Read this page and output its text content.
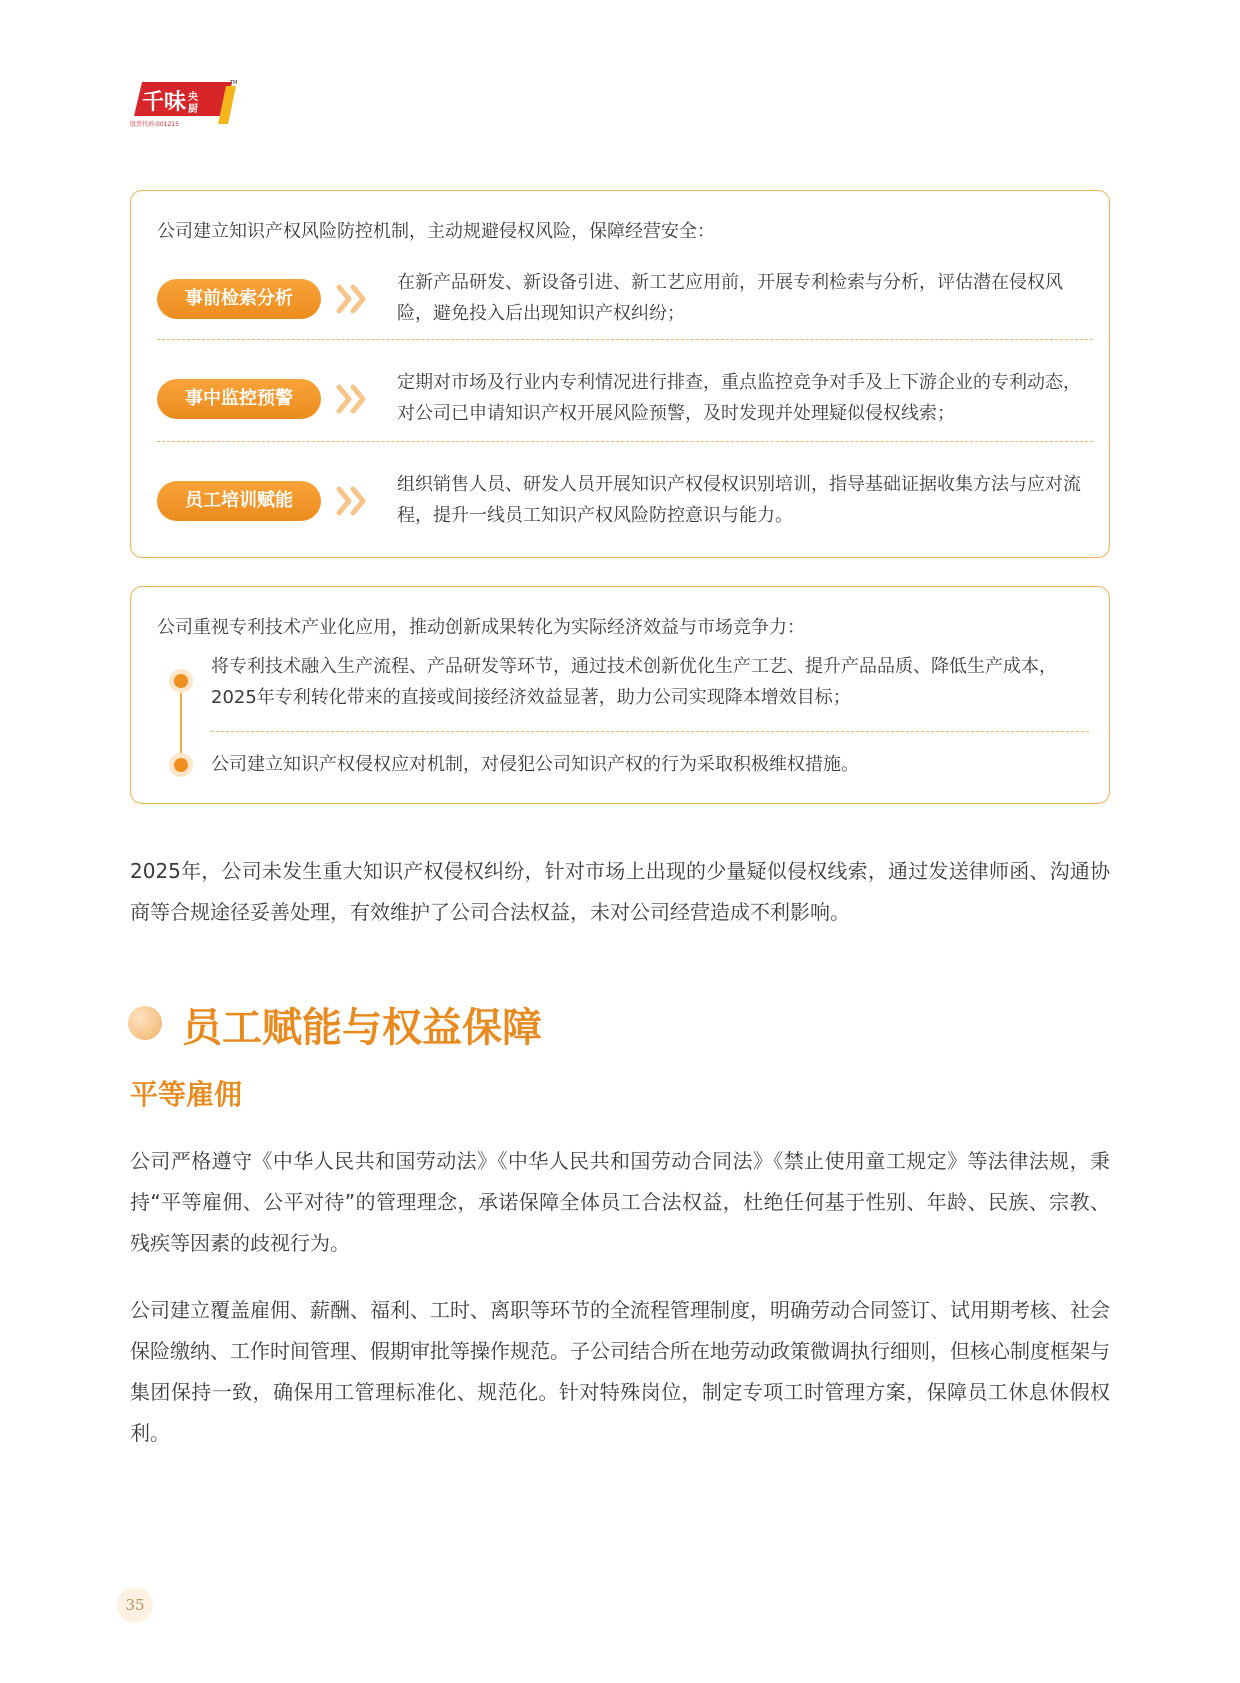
千味 央
厨
TM
股票代码:001215
公司建立知识产权风险防控机制，主动规避侵权风险，保障经营安全：
事前检索分析
在新产品研发、新设备引进、新工艺应用前，开展专利检索与分析，评估潜在侵权风险，避免投入后出现知识产权纠纷；
事中监控预警
定期对市场及行业内专利情况进行排查，重点监控竞争对手及上下游企业的专利动态，对公司已申请知识产权开展风险预警，及时发现并处理疑似侵权线索；
员工培训赋能
组织销售人员、研发人员开展知识产权侵权识别培训，指导基础证据收集方法与应对流程，提升一线员工知识产权风险防控意识与能力。
公司重视专利技术产业化应用，推动创新成果转化为实际经济效益与市场竞争力：
将专利技术融入生产流程、产品研发等环节，通过技术创新优化生产工艺、提升产品品质、降低生产成本，2025年专利转化带来的直接或间接经济效益显著，助力公司实现降本增效目标；
公司建立知识产权侵权应对机制，对侵犯公司知识产权的行为采取积极维权措施。
2025年，公司未发生重大知识产权侵权纠纷，针对市场上出现的少量疑似侵权线索，通过发送律师函、沟通协商等合规途径妥善处理，有效维护了公司合法权益，未对公司经营造成不利影响。
员工赋能与权益保障
平等雇佣
公司严格遵守《中华人民共和国劳动法》《中华人民共和国劳动合同法》《禁止使用童工规定》等法律法规，秉持“平等雇佣、公平对待”的管理理念，承诺保障全体员工合法权益，杜绝任何基于性别、年龄、民族、宗教、残疾等因素的歧视行为。
公司建立覆盖雇佣、薪酬、福利、工时、离职等环节的全流程管理制度，明确劳动合同签订、试用期考核、社会保险缴纳、工作时间管理、假期审批等操作规范。子公司结合所在地劳动政策微调执行细则，但核心制度框架与集团保持一致，确保用工管理标准化、规范化。针对特殊岗位，制定专项工时管理方案，保障员工休息休假权利。
35
